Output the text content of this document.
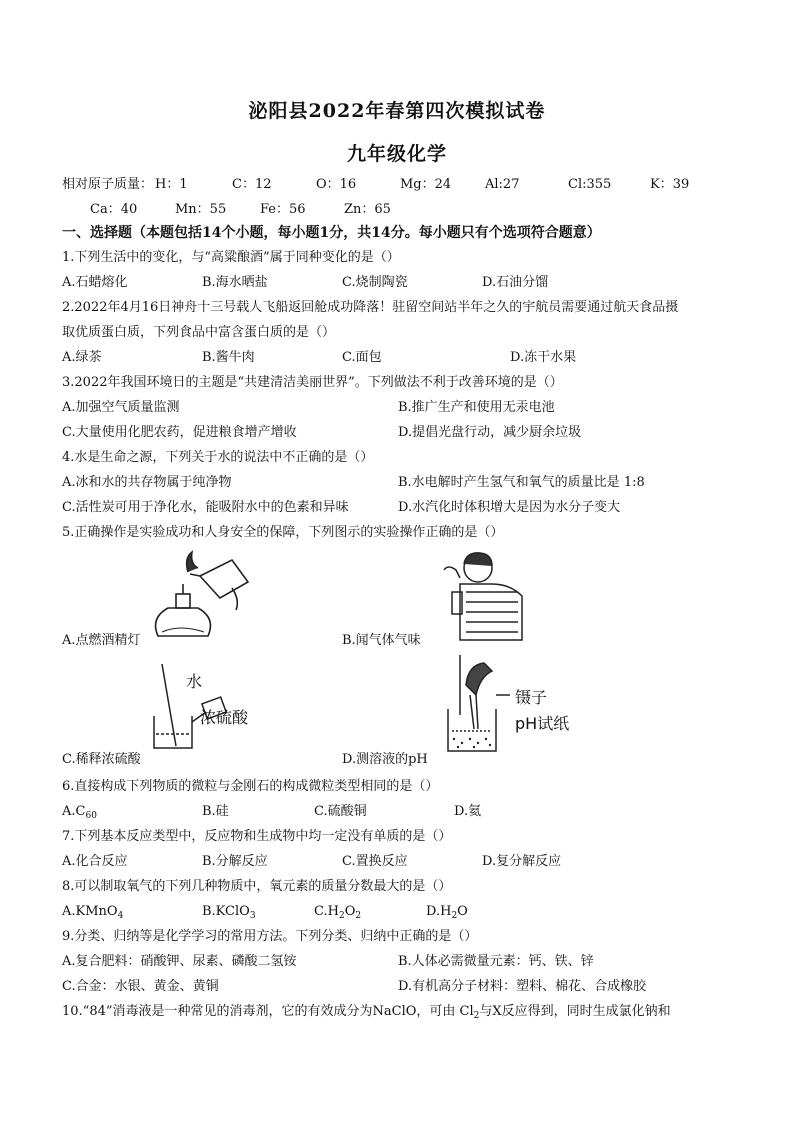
泌阳县2022年春第四次模拟试卷
九年级化学
相对原子质量： H：1	C：12	O：16	Mg：24	Al:27	Cl:355	K：39
Ca：40	Mn：55	Fe：56	Zn：65
一、选择题（本题包括14个小题，每小题1分，共14分。每小题只有个选项符合题意）
1.下列生活中的变化，与“高粱酿酒”属于同种变化的是（）
A.石蜡熔化	B.海水晒盐	C.烧制陶瓷	D.石油分馏
2.2022年4月16日神舟十三号载人飞船返回舱成功降落！驻留空间站半年之久的宇航员需要通过航天食品摄
取优质蛋白质，下列食品中富含蛋白质的是（）
A.绿茶	B.酱牛肉	C.面包	D.冻干水果
3.2022年我国环境日的主题是“共建清洁美丽世界”。下列做法不利于改善环境的是（）
A.加强空气质量监测	B.推广生产和使用无汞电池
C.大量使用化肥农药，促进粮食增产增收	D.提倡光盘行动，减少厨余垃圾
4.水是生命之源，下列关于水的说法中不正确的是（）
A.冰和水的共存物属于纯净物	B.水电解时产生氢气和氧气的质量比是 1:8
C.活性炭可用于净化水，能吸附水中的色素和异味	D.水汽化时体积增大是因为水分子变大
5.正确操作是实验成功和人身安全的保障，下列图示的实验操作正确的是（）
A.点燃酒精灯	B.闻气体气味
水
浓硫酸
镊子
pH试纸
C.稀释浓硫酸	D.测溶液的pH
6.直接构成下列物质的微粒与金刚石的构成微粒类型相同的是（）
$A.C_{60}$	B.硅	C.硫酸铜	D.氦
7.下列基本反应类型中，反应物和生成物中均一定没有单质的是（）
A.化合反应	B.分解反应	C.置换反应	D.复分解反应
8.可以制取氧气的下列几种物质中，氧元素的质量分数最大的是（）
A.KMnO$_4$	B.KClO$_3$	$C.H_2O_2$	$D.H_2O$
9.分类、归纳等是化学学习的常用方法。下列分类、归纳中正确的是（）
A.复合肥料：硝酸钾、尿素、磷酸二氢铵	B.人体必需微量元素：钙、铁、锌
C.合金：水银、黄金、黄铜	D.有机高分子材料：塑料、棉花、合成橡胶
10.“84”消毒液是一种常见的消毒剂，它的有效成分为NaClO，可由 $Cl_2$与X反应得到，同时生成氯化钠和
